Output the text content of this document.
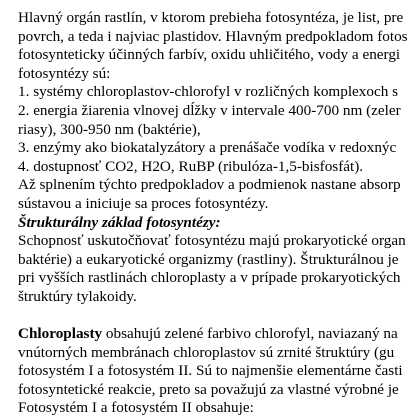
Hlavný orgán rastlín, v ktorom prebieha fotosyntéza, je list, pre
povrch, a teda i najviac plastidov. Hlavným predpokladom fotos
fotosynteticky účinných farbív, oxidu uhličitého, vody a energi
fotosyntézy sú:
1. systémy chloroplastov-chlorofyl v rozličných komplexoch s
2. energia žiarenia vlnovej dĺžky v intervale 400-700 nm (zeler
riasy), 300-950 nm (baktérie),
3. enzýmy ako biokatalyzátory a prenášače vodíka v redoxnýc
4. dostupnosť CO2, H2O, RuBP (ribulóza-1,5-bisfosfát).
Až splnením týchto predpokladov a podmienok nastane absorp
sústavou a iniciuje sa proces fotosyntézy.
Štrukturálny základ fotosyntézy:
Schopnosť uskutočňovať fotosyntézu majú prokaryotické organ
baktérie) a eukaryotické organizmy (rastliny). Štrukturálnou je
pri vyšších rastlinách chloroplasty a v prípade prokaryotických
štruktúry tylakoidy.
Chloroplasty obsahujú zelené farbivo chlorofyl, naviazaný na
vnútorných membránach chloroplastov sú zrnité štruktúry (gu
fotosystém I a fotosystém II. Sú to najmenšie elementárne časti
fotosyntetické reakcie, preto sa považujú za vlastné výrobné je
Fotosystém I a fotosystém II obsahuje:
